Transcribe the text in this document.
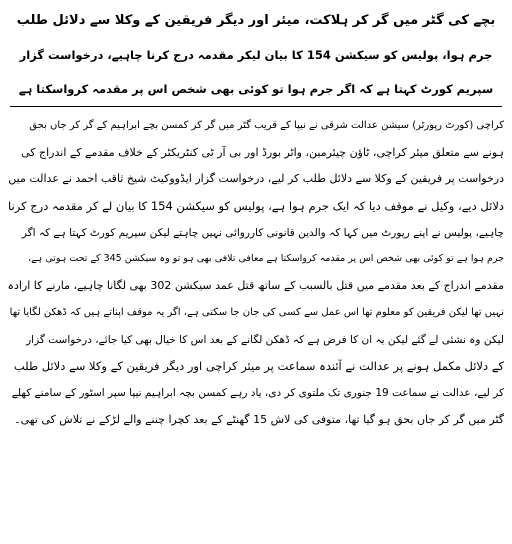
بچے کی گٹر میں گر کر ہلاکت، میئر اور دیگر فریقین کے وکلا سے دلائل طلب
جرم ہوا، پولیس کو سیکشن 154 کا بیان لیکر مقدمہ درج کرنا چاہیے، درخواست گزار
سپریم کورٹ کہتا ہے کہ اگر جرم ہوا تو کوئی بھی شخص اس پر مقدمہ کرواسکتا ہے
کراچی (کورٹ رپورٹر) سیشن عدالت شرقی نے نیپا کے قریب گٹر میں گر کر کمسن بچے ابراہیم کے گر کر جاں بحق
ہونے سے متعلق میئر کراچی، ٹاؤن چیئرمین، واٹر بورڈ اور بی آر ٹی کنٹریکٹر کے خلاف مقدمے کے اندراج کی
درخواست پر فریقین کے وکلا سے دلائل طلب کر لیے، درخواست گزار ایڈووکیٹ شیخ ثاقب احمد نے عدالت میں
دلائل دیے، وکیل نے موقف دیا کہ ایک جرم ہوا ہے، پولیس کو سیکشن 154 کا بیان لے کر مقدمہ درج کرنا
چاہیے، پولیس نے اپنے رپورٹ میں کہا کہ والدین قانونی کارروائی نہیں چاہتے لیکن سپریم کورٹ کہتا ہے کہ اگر
جرم ہوا ہے تو کوئی بھی شخص اس پر مقدمہ کرواسکتا ہے معافی تلافی بھی ہو تو وہ سیکشن 345 کے تحت ہوتی ہے،
مقدمے اندراج کے بعد مقدمے میں قتل بالسبب کے ساتھ قتل عمد سیکشن 302 بھی لگانا چاہیے، مارنے کا ارادہ
نہیں تھا لیکن فریقین کو معلوم تھا اس عمل سے کسی کی جان جا سکتی ہے، اگر یہ موقف اپناتے ہیں کہ ڈھکن لگایا تھا
لیکن وہ نشئی لے گئے لیکن یہ ان کا فرض ہے کہ ڈھکن لگانے کے بعد اس کا خیال بھی کیا جائے، درخواست گزار
کے دلائل مکمل ہونے پر عدالت نے آئندہ سماعت پر میئر کراچی اور دیگر فریقین کے وکلا سے دلائل طلب
کر لیے، عدالت نے سماعت 19 جنوری تک ملتوی کر دی، یاد رہے کمسن بچہ ابراہیم نیپا سپر اسٹور کے سامنے کھلے
گٹر میں گر کر جاں بحق ہو گیا تھا، متوفی کی لاش 15 گھنٹے کے بعد کچرا چننے والے لڑکے نے تلاش کی تھی۔
